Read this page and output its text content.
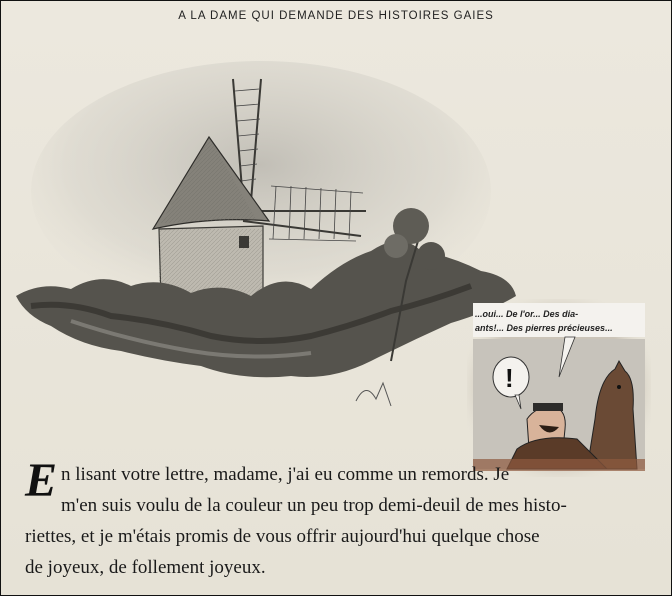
A LA DAME QUI DEMANDE DES HISTOIRES GAIES
...oui... De l'or... Des dia-
ants!... Des pierres précieuses...
!
E n lisant votre lettre, madame, j'ai eu comme un remords. Je
m'en suis voulu de la couleur un peu trop demi-deuil de mes histo-
riettes, et je m'étais promis de vous offrir aujourd'hui quelque chose
de joyeux, de follement joyeux.
